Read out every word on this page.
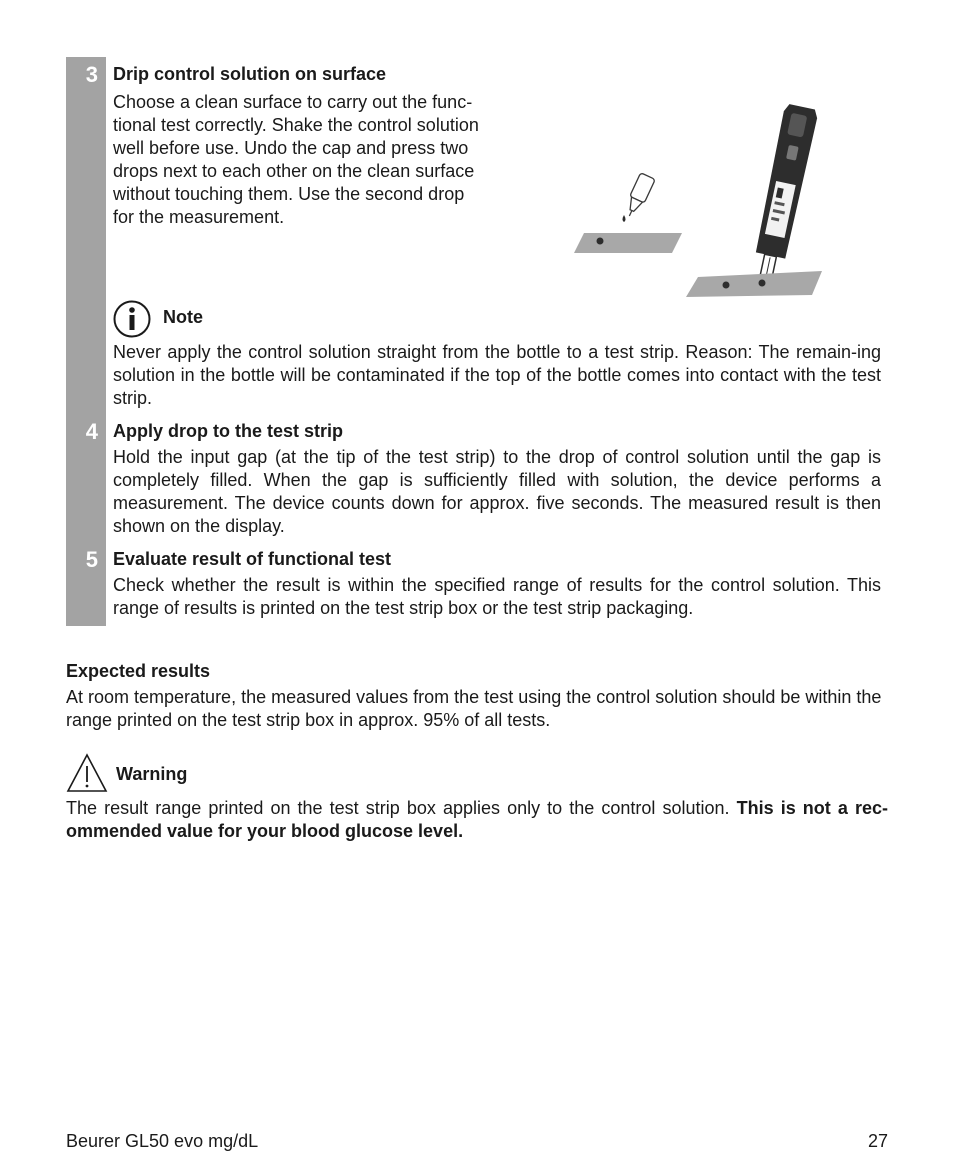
3 Drip control solution on surface
Choose a clean surface to carry out the func-
tional test correctly. Shake the control solution
well before use. Undo the cap and press two
drops next to each other on the clean surface
without touching them. Use the second drop
for the measurement.
Note

Never apply the control solution straight from the bottle to a test strip. Reason: The remain-ing solution in the bottle will be contaminated if the top of the bottle comes into contact with the test strip.

4 Apply drop to the test strip

Hold the input gap (at the tip of the test strip) to the drop of control solution until the gap is completely filled. When the gap is sufficiently filled with solution, the device performs a measurement. The device counts down for approx. five seconds. The measured result is then shown on the display.

5 Evaluate result of functional test

Check whether the result is within the specified range of results for the control solution. This range of results is printed on the test strip box or the test strip packaging.

Expected results

At room temperature, the measured values from the test using the control solution should be within the range printed on the test strip box in approx. 95% of all tests.

Warning

The result range printed on the test strip box applies only to the control solution. This is not a rec-ommended value for your blood glucose level.

Beurer GL50 evo mg/dL	27
